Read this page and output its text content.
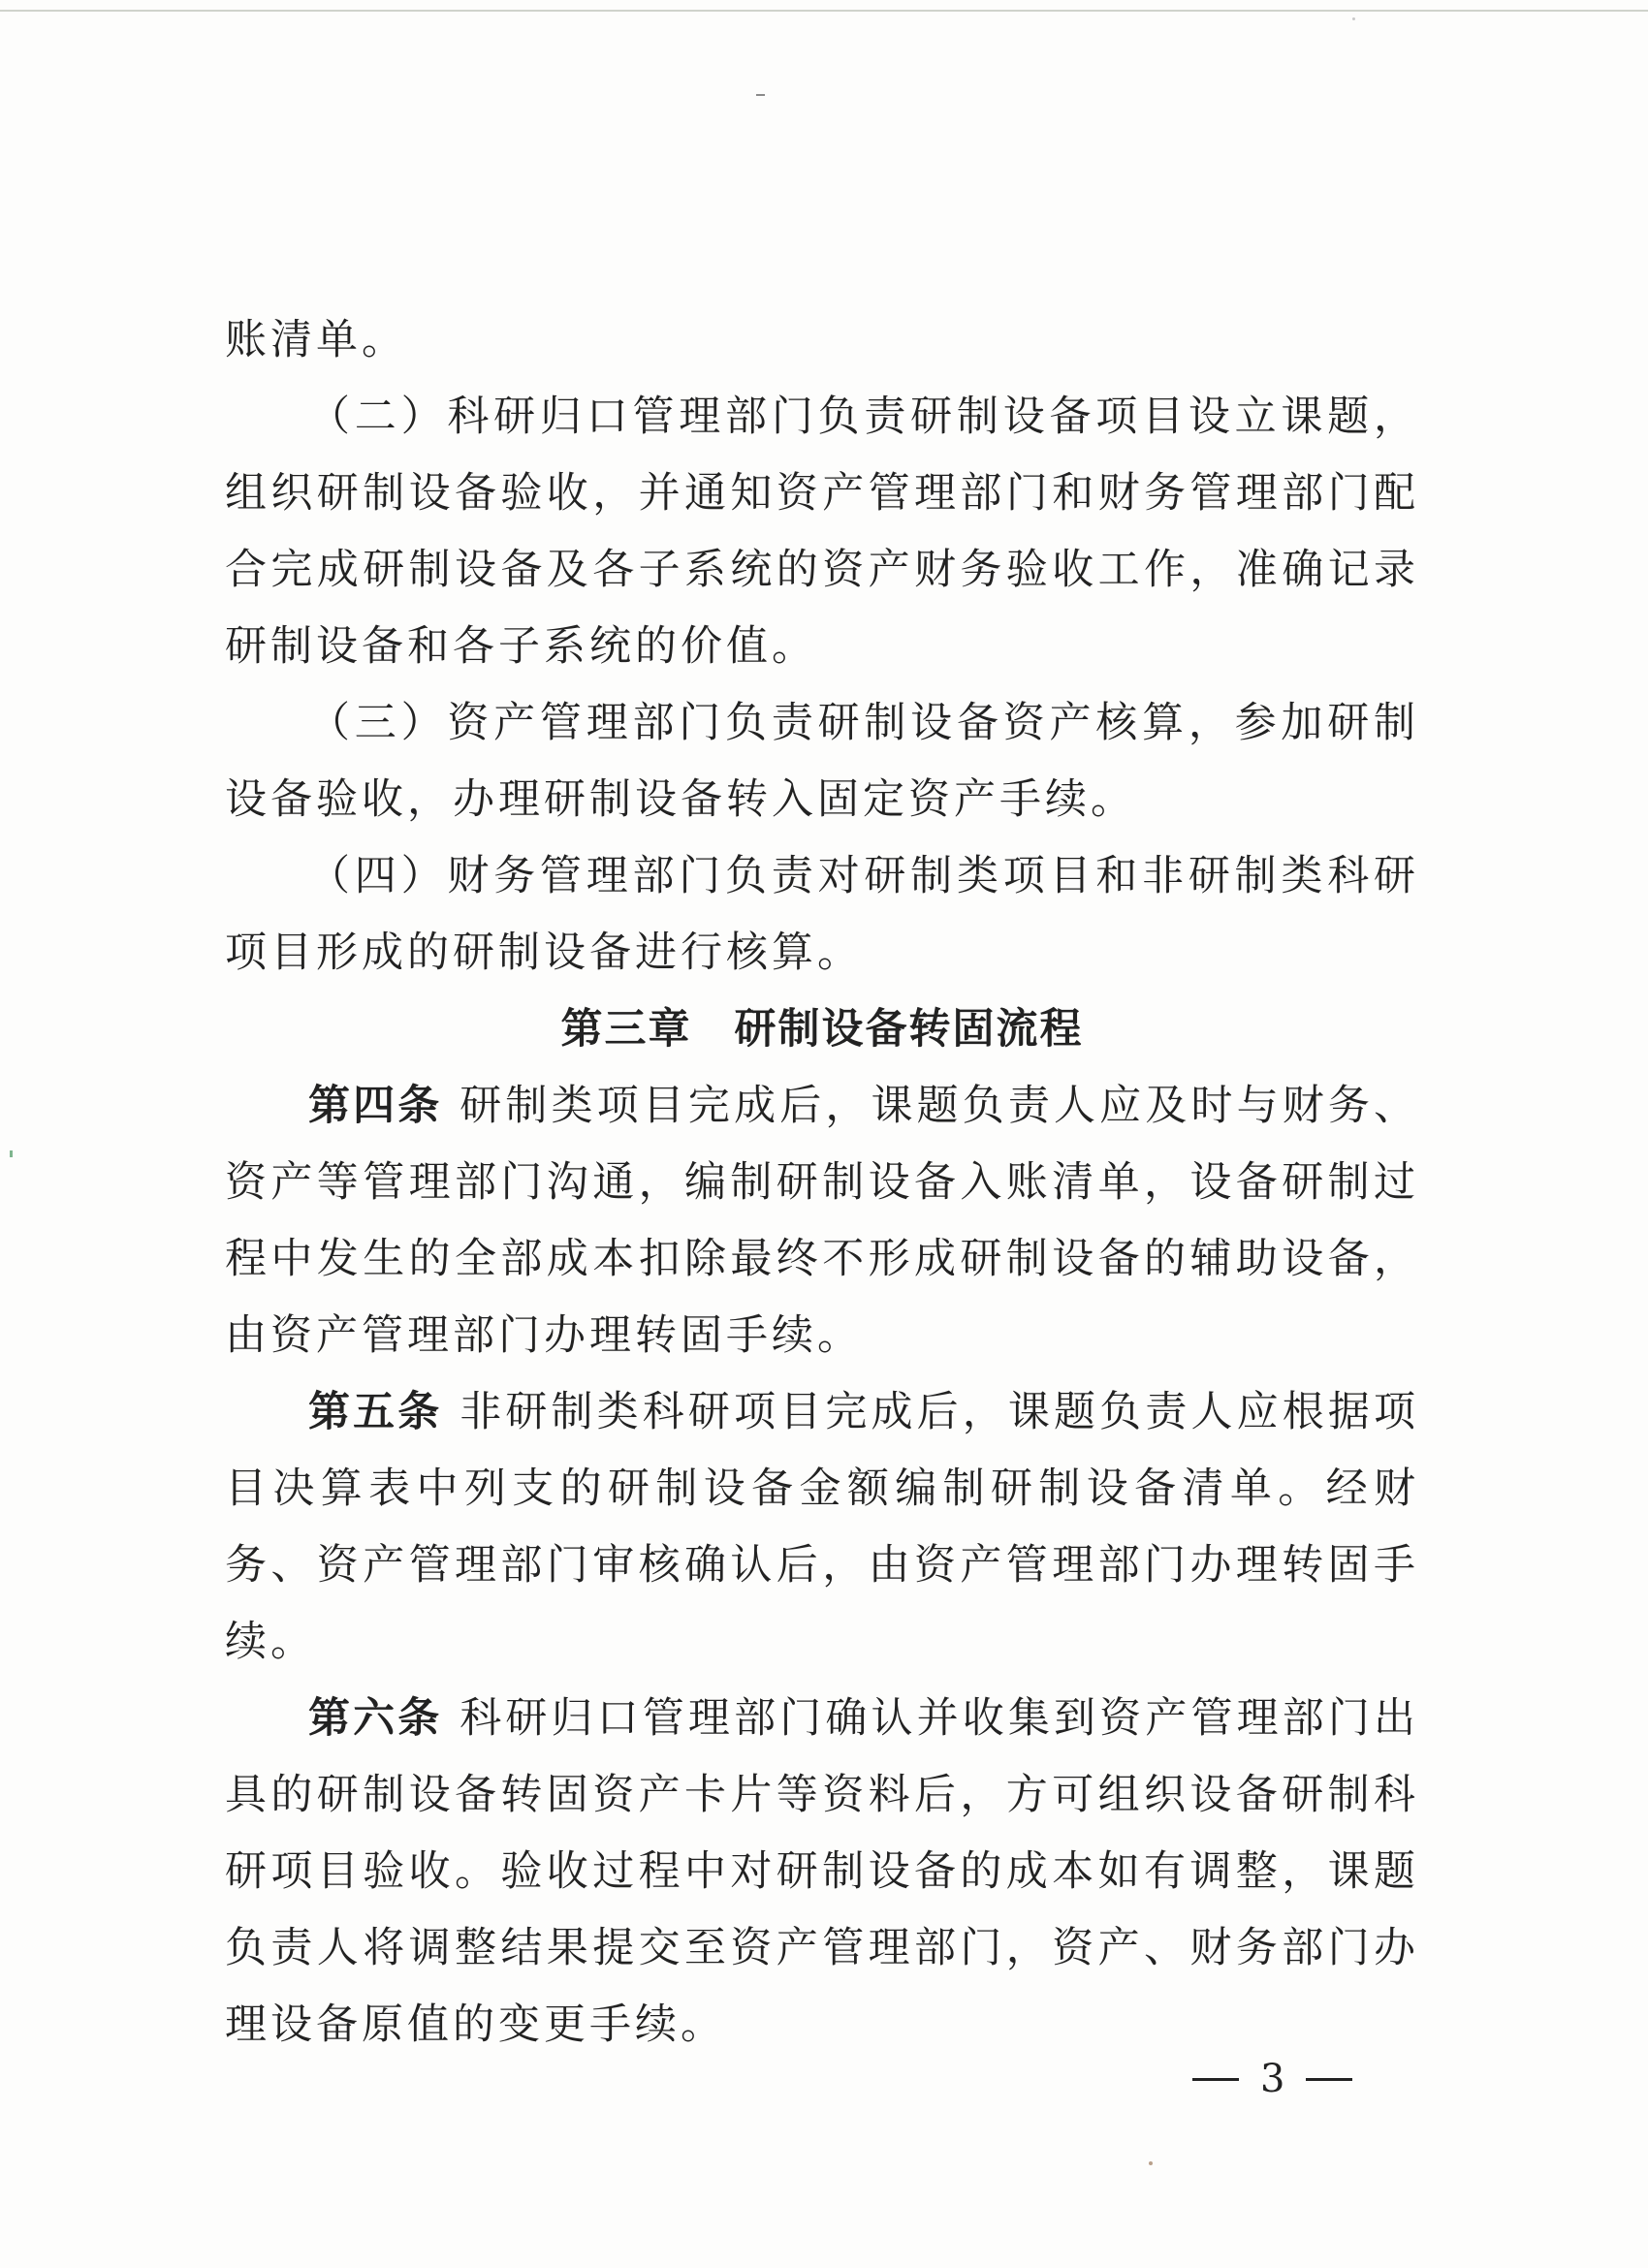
账清单。

（二）科研归口管理部门负责研制设备项目设立课题，组织研制设备验收，并通知资产管理部门和财务管理部门配合完成研制设备及各子系统的资产财务验收工作，准确记录研制设备和各子系统的价值。

（三）资产管理部门负责研制设备资产核算，参加研制设备验收，办理研制设备转入固定资产手续。

（四）财务管理部门负责对研制类项目和非研制类科研项目形成的研制设备进行核算。

第三章 研制设备转固流程

第四条 研制类项目完成后，课题负责人应及时与财务、资产等管理部门沟通，编制研制设备入账清单，设备研制过程中发生的全部成本扣除最终不形成研制设备的辅助设备，由资产管理部门办理转固手续。

第五条 非研制类科研项目完成后，课题负责人应根据项目决算表中列支的研制设备金额编制研制设备清单。经财务、资产管理部门审核确认后，由资产管理部门办理转固手续。

第六条 科研归口管理部门确认并收集到资产管理部门出具的研制设备转固资产卡片等资料后，方可组织设备研制科研项目验收。验收过程中对研制设备的成本如有调整，课题负责人将调整结果提交至资产管理部门，资产、财务部门办理设备原值的变更手续。

3
